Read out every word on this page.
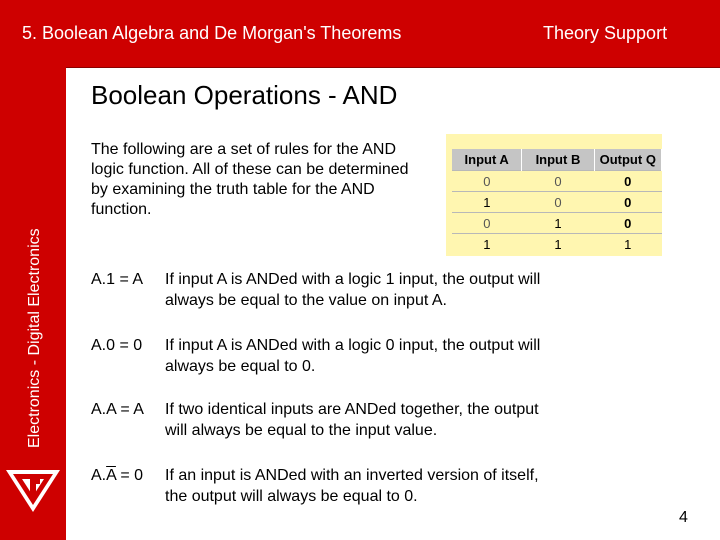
5. Boolean Algebra and De Morgan's Theorems	Theory Support
Electronics - Digital Electronics
Boolean Operations - AND
The following are a set of rules for the AND logic function. All of these can be determined by examining the truth table for the AND function.
Input A	Input B	Output Q
0	0	0
1	0	0
0	1	0
1	1	1
A.1 = A If input A is ANDed with a logic 1 input, the output will always be equal to the value on input A.
A.0 = 0 If input A is ANDed with a logic 0 input, the output will always be equal to 0.
A.A = A If two identical inputs are ANDed together, the output will always be equal to the input value.
$A.\overline{A} = 0$ If an input is ANDed with an inverted version of itself, the output will always be equal to 0.
4
